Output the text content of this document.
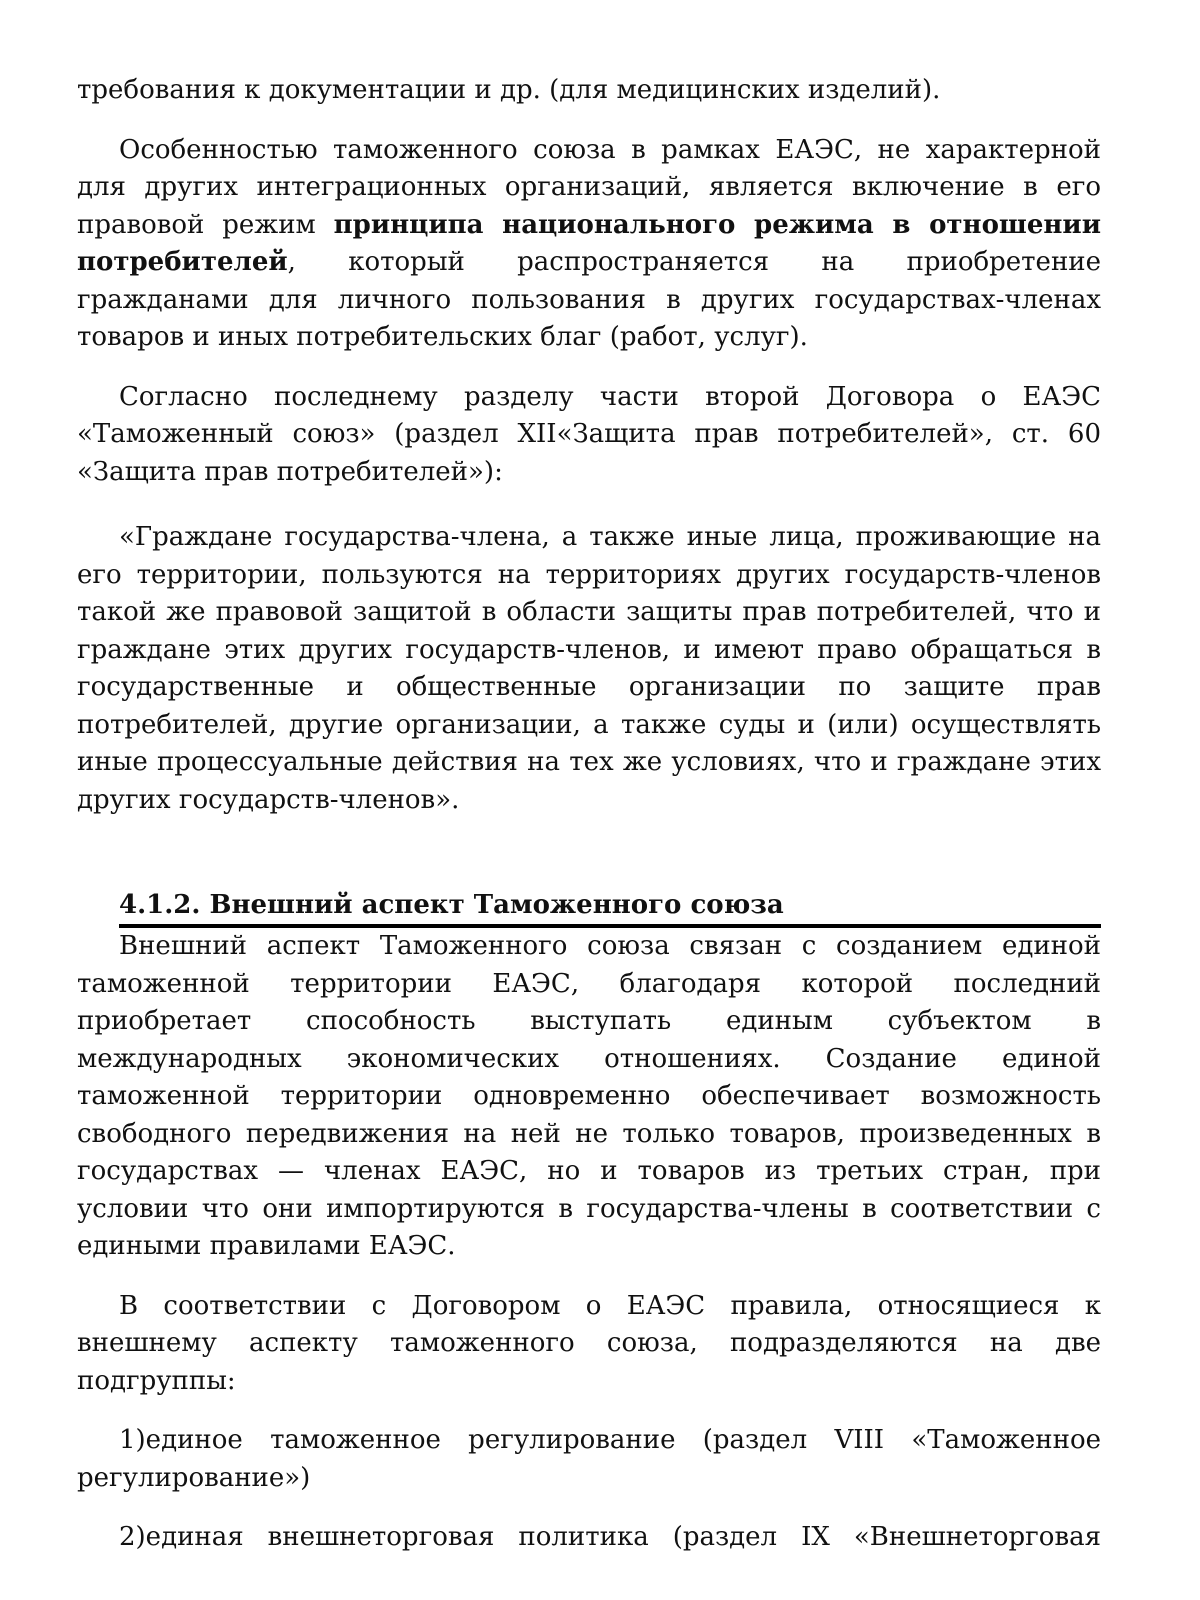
требования к документации и др. (для медицинских изделий).

Особенностью таможенного союза в рамках ЕАЭС, не характерной для других интеграционных организаций, является включение в его правовой режим принципа национального режима в отношении потребителей, который распространяется на приобретение гражданами для личного пользования в других государствах-членах товаров и иных потребительских благ (работ, услуг).

Согласно последнему разделу части второй Договора о ЕАЭС «Таможенный союз» (раздел XII«Защита прав потребителей», ст. 60 «Защита прав потребителей»):

«Граждане государства-члена, а также иные лица, проживающие на его территории, пользуются на территориях других государств-членов такой же правовой защитой в области защиты прав потребителей, что и граждане этих других государств-членов, и имеют право обращаться в государственные и общественные организации по защите прав потребителей, другие организации, а также суды и (или) осуществлять иные процессуальные действия на тех же условиях, что и граждане этих других государств-членов».

4.1.2. Внешний аспект Таможенного союза

Внешний аспект Таможенного союза связан с созданием единой таможенной территории ЕАЭС, благодаря которой последний приобретает способность выступать единым субъектом в международных экономических отношениях. Создание единой таможенной территории одновременно обеспечивает возможность свободного передвижения на ней не только товаров, произведенных в государствах — членах ЕАЭС, но и товаров из третьих стран, при условии что они импортируются в государства-члены в соответствии с едиными правилами ЕАЭС.

В соответствии с Договором о ЕАЭС правила, относящиеся к внешнему аспекту таможенного союза, подразделяются на две подгруппы:

1)единое таможенное регулирование (раздел VIII «Таможенное регулирование»)

2)единая внешнеторговая политика (раздел IX «Внешнеторговая
